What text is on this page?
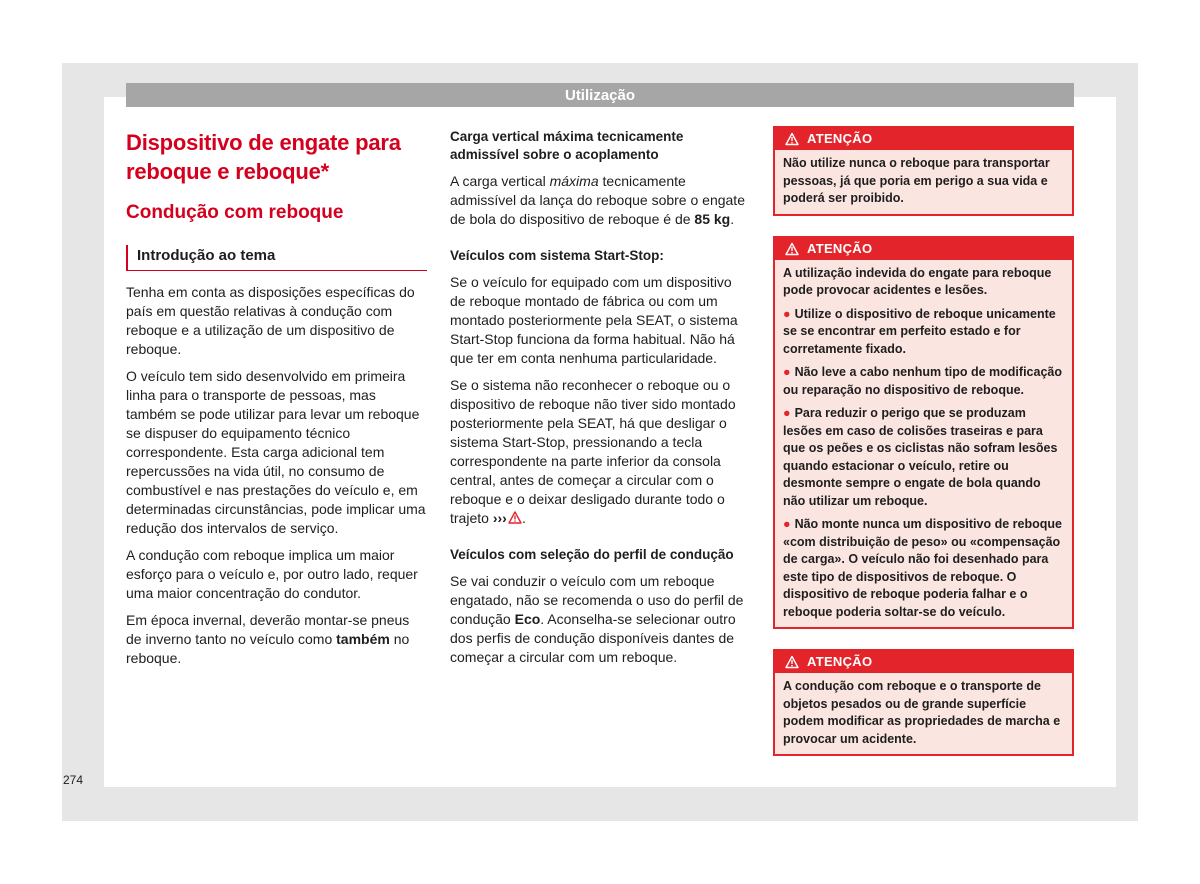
Utilização
Dispositivo de engate para reboque e reboque*
Condução com reboque
Introdução ao tema

Tenha em conta as disposições específicas do país em questão relativas à condução com reboque e a utilização de um dispositivo de reboque.

O veículo tem sido desenvolvido em primeira linha para o transporte de pessoas, mas também se pode utilizar para levar um reboque se dispuser do equipamento técnico correspondente. Esta carga adicional tem repercussões na vida útil, no consumo de combustível e nas prestações do veículo e, em determinadas circunstâncias, pode implicar uma redução dos intervalos de serviço.

A condução com reboque implica um maior esforço para o veículo e, por outro lado, requer uma maior concentração do condutor.

Em época invernal, deverão montar-se pneus de inverno tanto no veículo como também no reboque.

Carga vertical máxima tecnicamente admissível sobre o acoplamento

A carga vertical máxima tecnicamente admissível da lança do reboque sobre o engate de bola do dispositivo de reboque é de 85 kg.

Veículos com sistema Start-Stop:

Se o veículo for equipado com um dispositivo de reboque montado de fábrica ou com um montado posteriormente pela SEAT, o sistema Start-Stop funciona da forma habitual. Não há que ter em conta nenhuma particularidade.

Se o sistema não reconhecer o reboque ou o dispositivo de reboque não tiver sido montado posteriormente pela SEAT, há que desligar o sistema Start-Stop, pressionando a tecla correspondente na parte inferior da consola central, antes de começar a circular com o reboque e o deixar desligado durante todo o trajeto ›››  .

Veículos com seleção do perfil de condução

Se vai conduzir o veículo com um reboque engatado, não se recomenda o uso do perfil de condução Eco. Aconselha-se selecionar outro dos perfis de condução disponíveis dantes de começar a circular com um reboque.

ATENÇÃO
Não utilize nunca o reboque para transportar pessoas, já que poria em perigo a sua vida e poderá ser proibido.
ATENÇÃO
A utilização indevida do engate para reboque pode provocar acidentes e lesões.
● Utilize o dispositivo de reboque unicamente se se encontrar em perfeito estado e for corretamente fixado.
● Não leve a cabo nenhum tipo de modificação ou reparação no dispositivo de reboque.
● Para reduzir o perigo que se produzam lesões em caso de colisões traseiras e para que os peões e os ciclistas não sofram lesões quando estacionar o veículo, retire ou desmonte sempre o engate de bola quando não utilizar um reboque.
● Não monte nunca um dispositivo de reboque «com distribuição de peso» ou «compensação de carga». O veículo não foi desenhado para este tipo de dispositivos de reboque. O dispositivo de reboque poderia falhar e o reboque poderia soltar-se do veículo.
ATENÇÃO
A condução com reboque e o transporte de objetos pesados ou de grande superfície podem modificar as propriedades de marcha e provocar um acidente.
274
